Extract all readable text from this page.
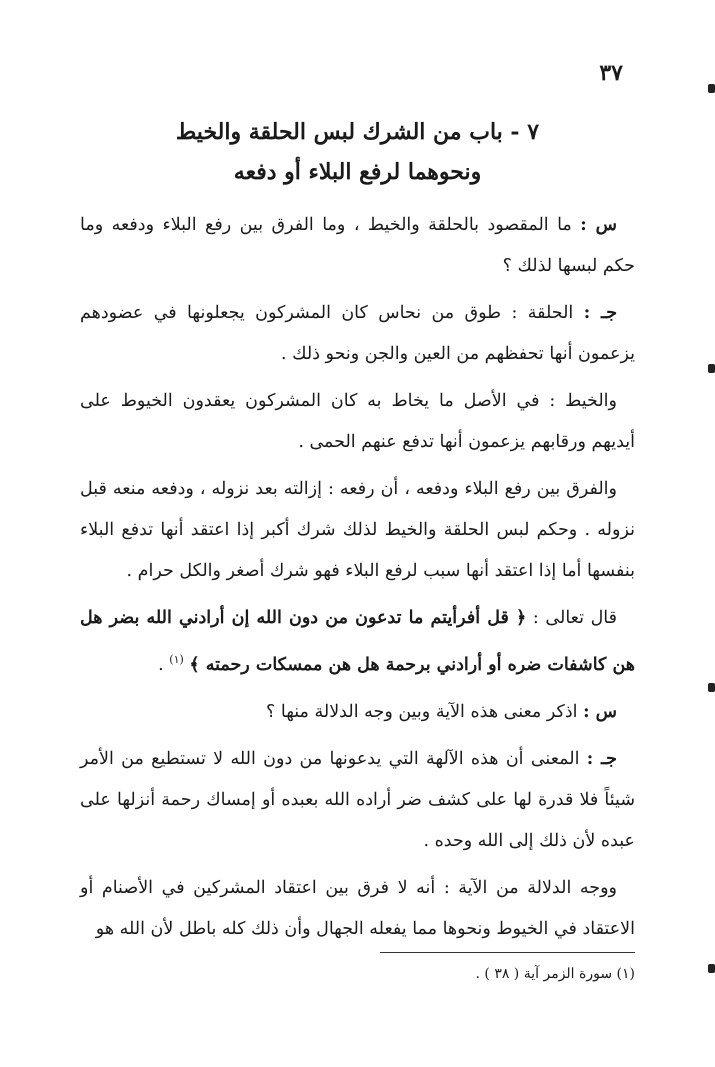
٣٧
٧ - باب من الشرك لبس الحلقة والخيط
ونحوهما لرفع البلاء أو دفعه

س : ما المقصود بالحلقة والخيط ، وما الفرق بين رفع البلاء ودفعه وما حكم لبسها لذلك ؟

جـ : الحلقة : طوق من نحاس كان المشركون يجعلونها في عضودهم يزعمون أنها تحفظهم من العين والجن ونحو ذلك .

والخيط : في الأصل ما يخاط به كان المشركون يعقدون الخيوط على أيديهم ورقابهم يزعمون أنها تدفع عنهم الحمى .

والفرق بين رفع البلاء ودفعه ، أن رفعه : إزالته بعد نزوله ، ودفعه منعه قبل نزوله . وحكم لبس الحلقة والخيط لذلك شرك أكبر إذا اعتقد أنها تدفع البلاء بنفسها أما إذا اعتقد أنها سبب لرفع البلاء فهو شرك أصغر والكل حرام .

قال تعالى : ﴿ قل أفرأيتم ما تدعون من دون الله إن أرادني الله بضر هل هن كاشفات ضره أو أرادني برحمة هل هن ممسكات رحمته ﴾ $^{(١)}$ .

س : اذكر معنى هذه الآية وبين وجه الدلالة منها ؟

جـ : المعنى أن هذه الآلهة التي يدعونها من دون الله لا تستطيع من الأمر شيئاً فلا قدرة لها على كشف ضر أراده الله بعبده أو إمساك رحمة أنزلها على عبده لأن ذلك إلى الله وحده .

ووجه الدلالة من الآية : أنه لا فرق بين اعتقاد المشركين في الأصنام أو الاعتقاد في الخيوط ونحوها مما يفعله الجهال وأن ذلك كله باطل لأن الله هو

(١) سورة الزمر آية ( ٣٨ ) .
